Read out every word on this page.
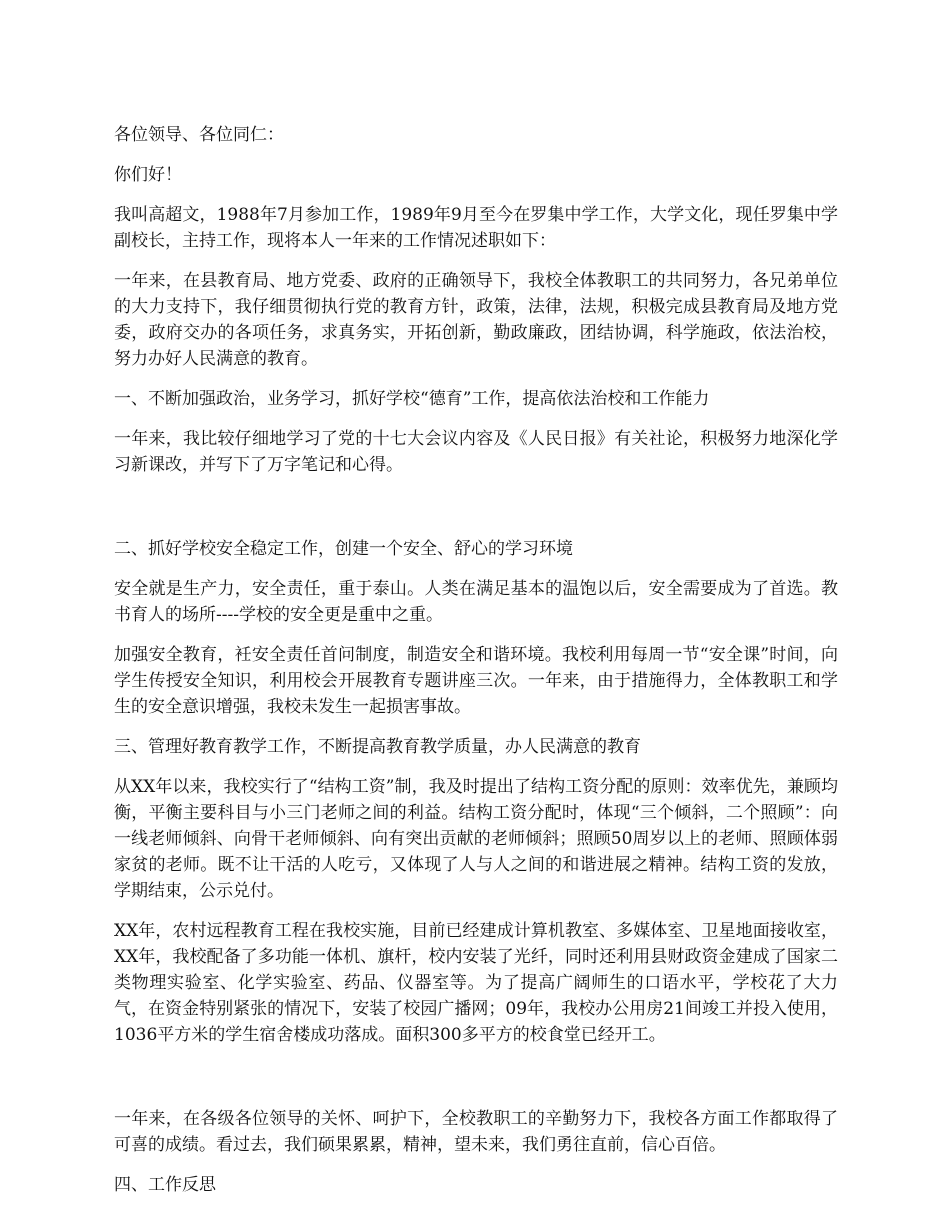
各位领导、各位同仁：

你们好！

我叫高超文，1988年7月参加工作，1989年9月至今在罗集中学工作，大学文化，现任罗集中学副校长，主持工作，现将本人一年来的工作情况述职如下：

一年来，在县教育局、地方党委、政府的正确领导下，我校全体教职工的共同努力，各兄弟单位的大力支持下，我仔细贯彻执行党的教育方针，政策，法律，法规，积极完成县教育局及地方党委，政府交办的各项任务，求真务实，开拓创新，勤政廉政，团结协调，科学施政，依法治校，努力办好人民满意的教育。

一、不断加强政治，业务学习，抓好学校“德育”工作，提高依法治校和工作能力

一年来，我比较仔细地学习了党的十七大会议内容及《人民日报》有关社论，积极努力地深化学习新课改，并写下了万字笔记和心得。

二、抓好学校安全稳定工作，创建一个安全、舒心的学习环境

安全就是生产力，安全责任，重于泰山。人类在满足基本的温饱以后，安全需要成为了首选。教书育人的场所----学校的安全更是重中之重。

加强安全教育，衽安全责任首问制度，制造安全和谐环境。我校利用每周一节“安全课”时间，向学生传授安全知识，利用校会开展教育专题讲座三次。一年来，由于措施得力，全体教职工和学生的安全意识增强，我校未发生一起损害事故。

三、管理好教育教学工作，不断提高教育教学质量，办人民满意的教育

从XX年以来，我校实行了“结构工资”制，我及时提出了结构工资分配的原则：效率优先，兼顾均衡，平衡主要科目与小三门老师之间的利益。结构工资分配时，体现“三个倾斜，二个照顾”：向一线老师倾斜、向骨干老师倾斜、向有突出贡献的老师倾斜；照顾50周岁以上的老师、照顾体弱家贫的老师。既不让干活的人吃亏，又体现了人与人之间的和谐进展之精神。结构工资的发放，学期结束，公示兑付。

XX年，农村远程教育工程在我校实施，目前已经建成计算机教室、多媒体室、卫星地面接收室， XX年，我校配备了多功能一体机、旗杆，校内安装了光纤，同时还利用县财政资金建成了国家二类物理实验室、化学实验室、药品、仪器室等。为了提高广阔师生的口语水平，学校花了大力气，在资金特别紧张的情况下，安装了校园广播网；09年，我校办公用房21间竣工并投入使用， 1036平方米的学生宿舍楼成功落成。面积300多平方的校食堂已经开工。

一年来，在各级各位领导的关怀、呵护下，全校教职工的辛勤努力下，我校各方面工作都取得了可喜的成绩。看过去，我们硕果累累，精神，望未来，我们勇往直前，信心百倍。

四、工作反思
